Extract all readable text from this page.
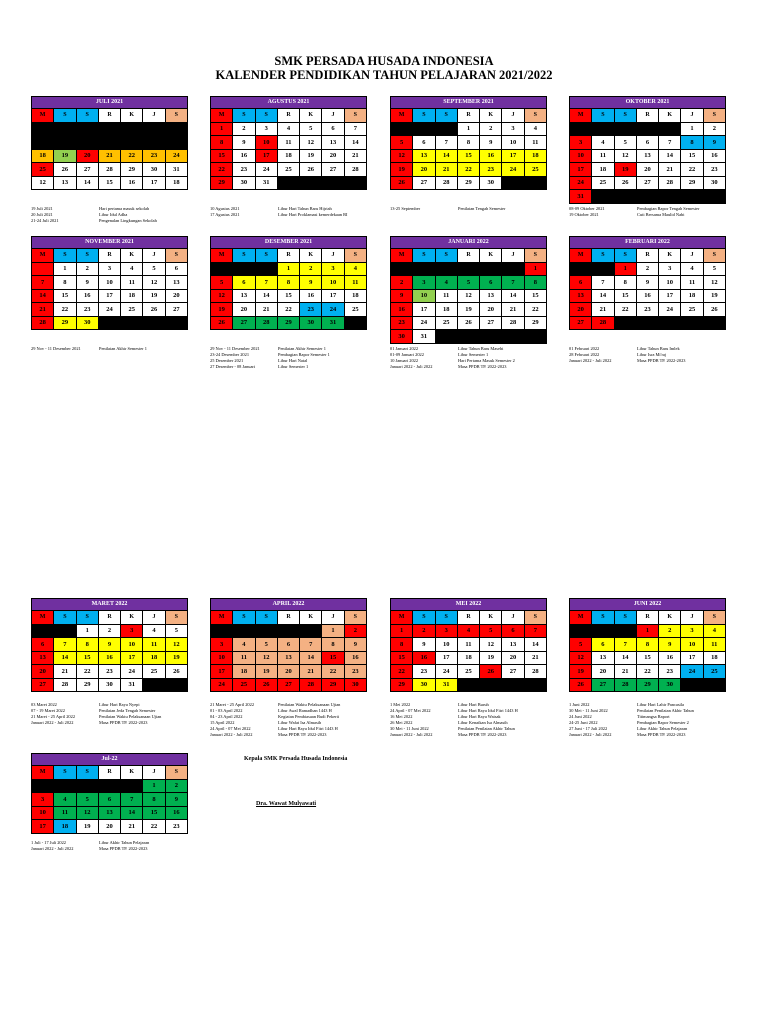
SMK PERSADA HUSADA INDONESIA
KALENDER PENDIDIKAN TAHUN PELAJARAN 2021/2022
JULI 2021						
M	S	S	R	K	J	S

18	19	20	21	22	23	24
25	26	27	28	29	30	31
12	13	14	15	16	17	18
19 Juli 2021	Hari pertama masuk sekolah
20 Juli 2021	Libur Idul Adha
21-24 Juli 2021	Pengenalan Lingkungan Sekolah
AGUSTUS 2021						
M	S	S	R	K	J	S
1	2	3	4	5	6	7
8	9	10	11	12	13	14
15	16	17	18	19	20	21
22	23	24	25	26	27	28
29	30	31				
10 Agustus 2021	Libur Hari Tahun Baru Hijriah
17 Agustus 2021	Libur Hari Proklamasi kemerdekaan RI
SEPTEMBER 2021						
M	S	S	R	K	J	S
			1	2	3	4
5	6	7	8	9	10	11
12	13	14	15	16	17	18
19	20	21	22	23	24	25
26	27	28	29	30		
13-25 September	Penilaian Tengah Semester
OKTOBER 2021						
M	S	S	R	K	J	S
					1	2
3	4	5	6	7	8	9
10	11	12	13	14	15	16
17	18	19	20	21	22	23
24	25	26	27	28	29	30
31						
08-09 Oktober 2021	Pembagian Rapor Tengah Semester
19 Oktober 2021	Cuti Bersama Maulid Nabi
NOVEMBER 2021						
M	S	S	R	K	J	S
	1	2	3	4	5	6
7	8	9	10	11	12	13
14	15	16	17	18	19	20
21	22	23	24	25	26	27
28	29	30				
29 Nov - 11 Desember 2021	Penilaian Akhir Semester 1
DESEMBER 2021						
M	S	S	R	K	J	S
			1	2	3	4
5	6	7	8	9	10	11
12	13	14	15	16	17	18
19	20	21	22	23	24	25
26	27	28	29	30	31	
29 Nov - 11 Desember 2021	Penilaian Akhir Semester 1
23-24 Desember 2021	Pembagian Rapor Semester 1
25 Desember 2021	Libur Hari Natal
27 Desember - 08 Januari	Libur Semester 1
JANUARI 2022						
M	S	S	R	K	J	S
						1
2	3	4	5	6	7	8
9	10	11	12	13	14	15
16	17	18	19	20	21	22
23	24	25	26	27	28	29
30	31					
01 Januari 2022	Libur Tahun Baru Masehi
01-09 Januari 2022	Libur Semester 1
10 Januari 2022	Hari Pertama Masuk Semester 2
Januari 2022 - Juli 2022	Masa PPDB TP. 2022-2023
FEBRUARI 2022						
M	S	S	R	K	J	S
		1	2	3	4	5
6	7	8	9	10	11	12
13	14	15	16	17	18	19
20	21	22	23	24	25	26
27	28					
01 Februari 2022	Libur Tahun Baru Imlek
28 Februari 2022	Libur Isra Mi'raj
Januari 2022 - Juli 2022	Masa PPDB TP. 2022-2023
MARET 2022						
M	S	S	R	K	J	S
		1	2	3	4	5
6	7	8	9	10	11	12
13	14	15	16	17	18	19
20	21	22	23	24	25	26
27	28	29	30	31		
03 Maret 2022	Libur Hari Raya Nyepi
07 - 19 Maret 2022	Penilaian Jeda Tengah Semester
21 Maret - 25 April 2022	Penilaian Waktu Pelaksanaan Ujian
Januari 2022 - Juli 2022	Masa PPDB TP. 2022-2023
APRIL 2022						
M	S	S	R	K	J	S
					1	2
3	4	5	6	7	8	9
10	11	12	13	14	15	16
17	18	19	20	21	22	23
24	25	26	27	28	29	30
21 Maret - 25 April 2022	Penilaian Waktu Pelaksanaan Ujian
01 - 03 April 2022	Libur Awal Ramadhan 1443 H
04 - 23 April 2022	Kegiatan Pembiasaan Budi Pekerti
15 April 2022	Libur Wafat Isa Almasih
24 April - 07 Mei 2022	Libur Hari Raya Idul Fitri 1443 H
Januari 2022 - Juli 2022	Masa PPDB TP. 2022-2023
MEI 2022						
M	S	S	R	K	J	S
1	2	3	4	5	6	7
8	9	10	11	12	13	14
15	16	17	18	19	20	21
22	23	24	25	26	27	28
29	30	31				
1 Mei 2022	Libur Hari Buruh
24 April - 07 Mei 2022	Libur Hari Raya Idul Fitri 1443 H
16 Mei 2022	Libur Hari Raya Waisak
26 Mei 2022	Libur Kenaikan Isa Almasih
30 Mei - 11 Juni 2022	Penilaian Penilaian Akhir Tahun
Januari 2022 - Juli 2022	Masa PPDB TP. 2022-2023
JUNI 2022						
M	S	S	R	K	J	S
			1	2	3	4
5	6	7	8	9	10	11
12	13	14	15	16	17	18
19	20	21	22	23	24	25
26	27	28	29	30		
1 Juni 2022	Libur Hari Lahir Pancasila
30 Mei - 11 Juni 2022	Penilaian Penilaian Akhir Tahun
24 Juni 2022	Titimangsa Raport
24-25 Juni 2022	Pembagian Rapor Semester 2
27 Juni - 17 Juli 2022	Libur Akhir Tahun Pelajaran
Januari 2022 - Juli 2022	Masa PPDB TP. 2022-2023
Jul-22						
M	S	S	R	K	J	S
					1	2
3	4	5	6	7	8	9
10	11	12	13	14	15	16
17	18	19	20	21	22	23
1 Juli - 17 Juli 2022	Libur Akhir Tahun Pelajaran
Januari 2022 - Juli 2022	Masa PPDB TP. 2022-2023
Kepala SMK Persada Husada Indonesia
Dra. Wawat Mulyawati
